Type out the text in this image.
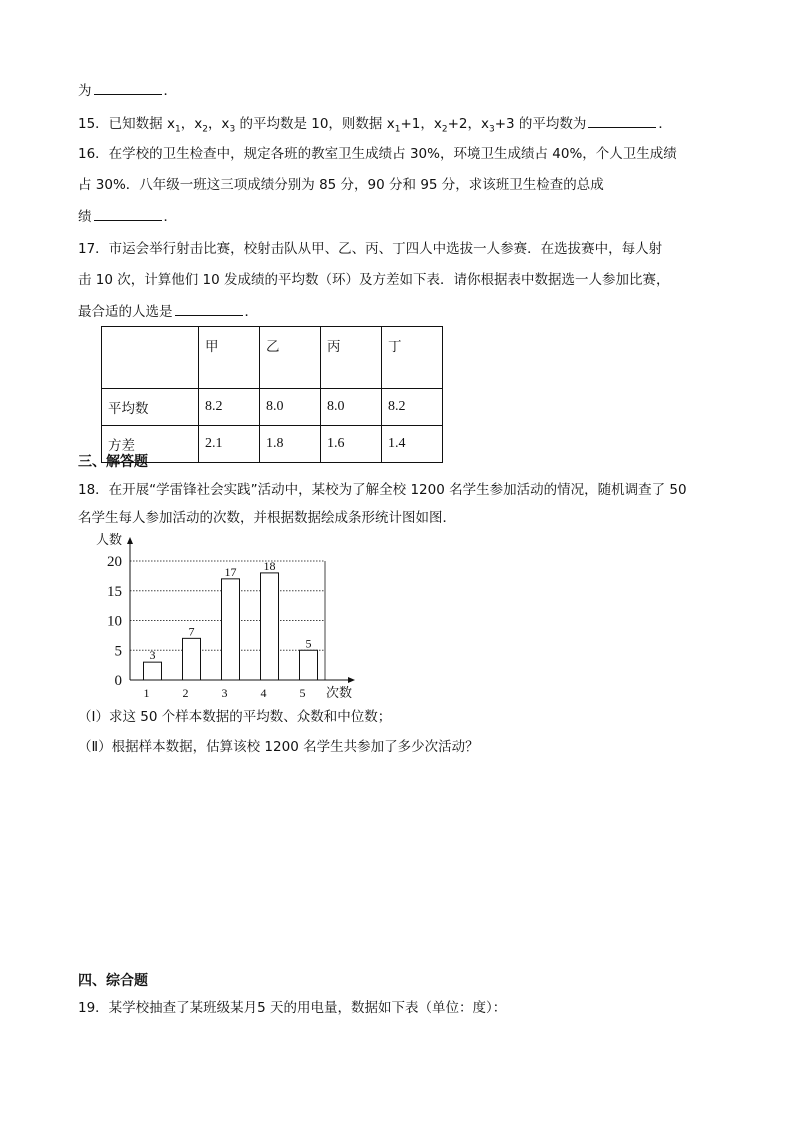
为	．
15．已知数据 $x_1$，$x_2$，$x_3$ 的平均数是 10，则数据 $x_1+1$，$x_2+2$，$x_3+3$ 的平均数为	．
16．在学校的卫生检查中，规定各班的教室卫生成绩占 30%，环境卫生成绩占 40%，个人卫生成绩
占 30%．八年级一班这三项成绩分别为 85 分，90 分和 95 分，求该班卫生检查的总成
绩	．
17．市运会举行射击比赛，校射击队从甲、乙、丙、丁四人中选拔一人参赛．在选拔赛中，每人射
击 10 次，计算他们 10 发成绩的平均数（环）及方差如下表．请你根据表中数据选一人参加比赛，
最合适的人选是	．
	甲	乙	丙	丁
平均数	8.2	8.0	8.0	8.2
方差	2.1	1.8	1.6	1.4
三、解答题
18．在开展“学雷锋社会实践”活动中，某校为了解全校 1200 名学生参加活动的情况，随机调查了 50
名学生每人参加活动的次数，并根据数据绘成条形统计图如图．
0
5
10
15
20
3
1
7
2
17
3
18
4
5
5
人数
次数
（Ⅰ）求这 50 个样本数据的平均数、众数和中位数；
（Ⅱ）根据样本数据，估算该校 1200 名学生共参加了多少次活动？
四、综合题
19．某学校抽查了某班级某月5 天的用电量，数据如下表（单位：度）：
